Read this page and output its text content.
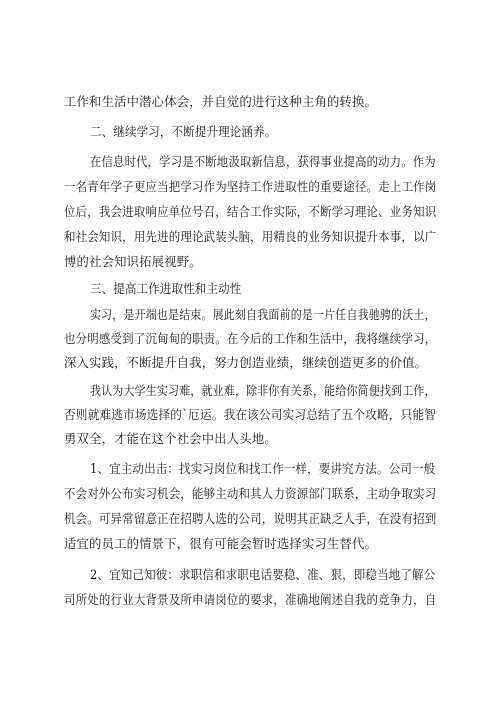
工作和生活中潜心体会，并自觉的进行这种主角的转换。
二、继续学习，不断提升理论涵养。
在信息时代，学习是不断地汲取新信息，获得事业提高的动力。作为
一名青年学子更应当把学习作为坚持工作进取性的重要途径。走上工作岗
位后，我会进取响应单位号召，结合工作实际，不断学习理论、业务知识
和社会知识，用先进的理论武装头脑，用精良的业务知识提升本事，以广
博的社会知识拓展视野。
三、提高工作进取性和主动性
实习，是开端也是结束。展此刻自我面前的是一片任自我驰骋的沃土，
也分明感受到了沉甸甸的职责。在今后的工作和生活中，我将继续学习，
深入实践，不断提升自我，努力创造业绩，继续创造更多的价值。
我认为大学生实习难，就业难，除非你有关系，能给你简便找到工作，
否则就难逃市场选择的`厄运。我在该公司实习总结了五个攻略，只能智
勇双全，才能在这个社会中出人头地。
1、宜主动出击：找实习岗位和找工作一样，要讲究方法。公司一般
不会对外公布实习机会，能够主动和其人力资源部门联系，主动争取实习
机会。可异常留意正在招聘人选的公司，说明其正缺乏人手，在没有招到
适宜的员工的情景下，很有可能会暂时选择实习生替代。
2、宜知己知彼：求职信和求职电话要稳、准、狠，即稳当地了解公
司所处的行业大背景及所申请岗位的要求，准确地阐述自我的竞争力，自
